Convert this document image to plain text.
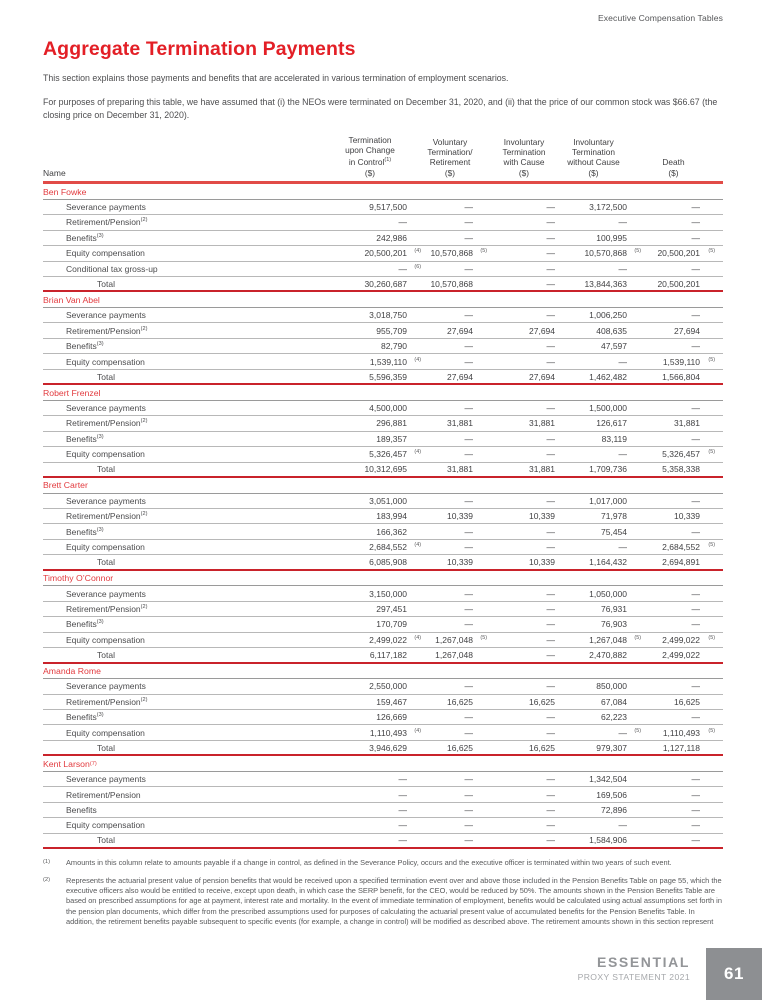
Executive Compensation Tables
Aggregate Termination Payments

This section explains those payments and benefits that are accelerated in various termination of employment scenarios.

For purposes of preparing this table, we have assumed that (i) the NEOs were terminated on December 31, 2020, and (ii) that the price of our common stock was $66.67 (the closing price on December 31, 2020).

Name
Termination
upon Change
in Control$^{(1)}$
($)
Voluntary
Termination/
Retirement
($)
Involuntary
Termination
with Cause
($)
Involuntary
Termination
without Cause
($)
Death
($)
Ben Fowke
Severance payments	9,517,500	—	—	3,172,500	—
Retirement/Pension$^{(2)}$	—	—	—	—	—
Benefits$^{(3)}$	242,986	—	—	100,995	—
Equity compensation	20,500,201 (4)	10,570,868 (5)	—	10,570,868 (5)	20,500,201 (5)
Conditional tax gross-up	— (6)	—	—	—	—
Total	30,260,687	10,570,868	—	13,844,363	20,500,201
Brian Van Abel
Severance payments	3,018,750	—	—	1,006,250	—
Retirement/Pension$^{(2)}$	955,709	27,694	27,694	408,635	27,694
Benefits$^{(3)}$	82,790	—	—	47,597	—
Equity compensation	1,539,110 (4)	—	—	—	1,539,110 (5)
Total	5,596,359	27,694	27,694	1,462,482	1,566,804
Robert Frenzel
Severance payments	4,500,000	—	—	1,500,000	—
Retirement/Pension$^{(2)}$	296,881	31,881	31,881	126,617	31,881
Benefits$^{(3)}$	189,357	—	—	83,119	—
Equity compensation	5,326,457 (4)	—	—	—	5,326,457 (5)
Total	10,312,695	31,881	31,881	1,709,736	5,358,338
Brett Carter
Severance payments	3,051,000	—	—	1,017,000	—
Retirement/Pension$^{(2)}$	183,994	10,339	10,339	71,978	10,339
Benefits$^{(3)}$	166,362	—	—	75,454	—
Equity compensation	2,684,552 (4)	—	—	—	2,684,552 (5)
Total	6,085,908	10,339	10,339	1,164,432	2,694,891
Timothy O’Connor
Severance payments	3,150,000	—	—	1,050,000	—
Retirement/Pension$^{(2)}$	297,451	—	—	76,931	—
Benefits$^{(3)}$	170,709	—	—	76,903	—
Equity compensation	2,499,022 (4)	1,267,048 (5)	—	1,267,048 (5)	2,499,022 (5)
Total	6,117,182	1,267,048	—	2,470,882	2,499,022
Amanda Rome
Severance payments	2,550,000	—	—	850,000	—
Retirement/Pension$^{(2)}$	159,467	16,625	16,625	67,084	16,625
Benefits$^{(3)}$	126,669	—	—	62,223	—
Equity compensation	1,110,493 (4)	—	—	— (5)	1,110,493 (5)
Total	3,946,629	16,625	16,625	979,307	1,127,118
Kent Larson (7)
Severance payments	—	—	—	1,342,504	—
Retirement/Pension	—	—	—	169,506	—
Benefits	—	—	—	72,896	—
Equity compensation	—	—	—	—	—
Total	—	—	—	1,584,906	—
(1)	Amounts in this column relate to amounts payable if a change in control, as defined in the Severance Policy, occurs and the executive officer is terminated within two years of such event.
(2)	Represents the actuarial present value of pension benefits that would be received upon a specified termination event over and above those included in the Pension Benefits Table on page 55, which the executive officers also would be entitled to receive, except upon death, in which case the SERP benefit, for the CEO, would be reduced by 50%. The amounts shown in the Pension Benefits Table are based on prescribed assumptions for age at payment, interest rate and mortality. In the event of immediate termination of employment, benefits would be calculated using actual assumptions set forth in the pension plan documents, which differ from the prescribed assumptions used for purposes of calculating the actuarial present value of accumulated benefits for the Pension Benefits Table. In addition, the retirement benefits payable subsequent to specific events (for example, a change in control) will be modified as described above. The retirement amounts shown in this section represent
ESSENTIAL
PROXY STATEMENT 2021	61
